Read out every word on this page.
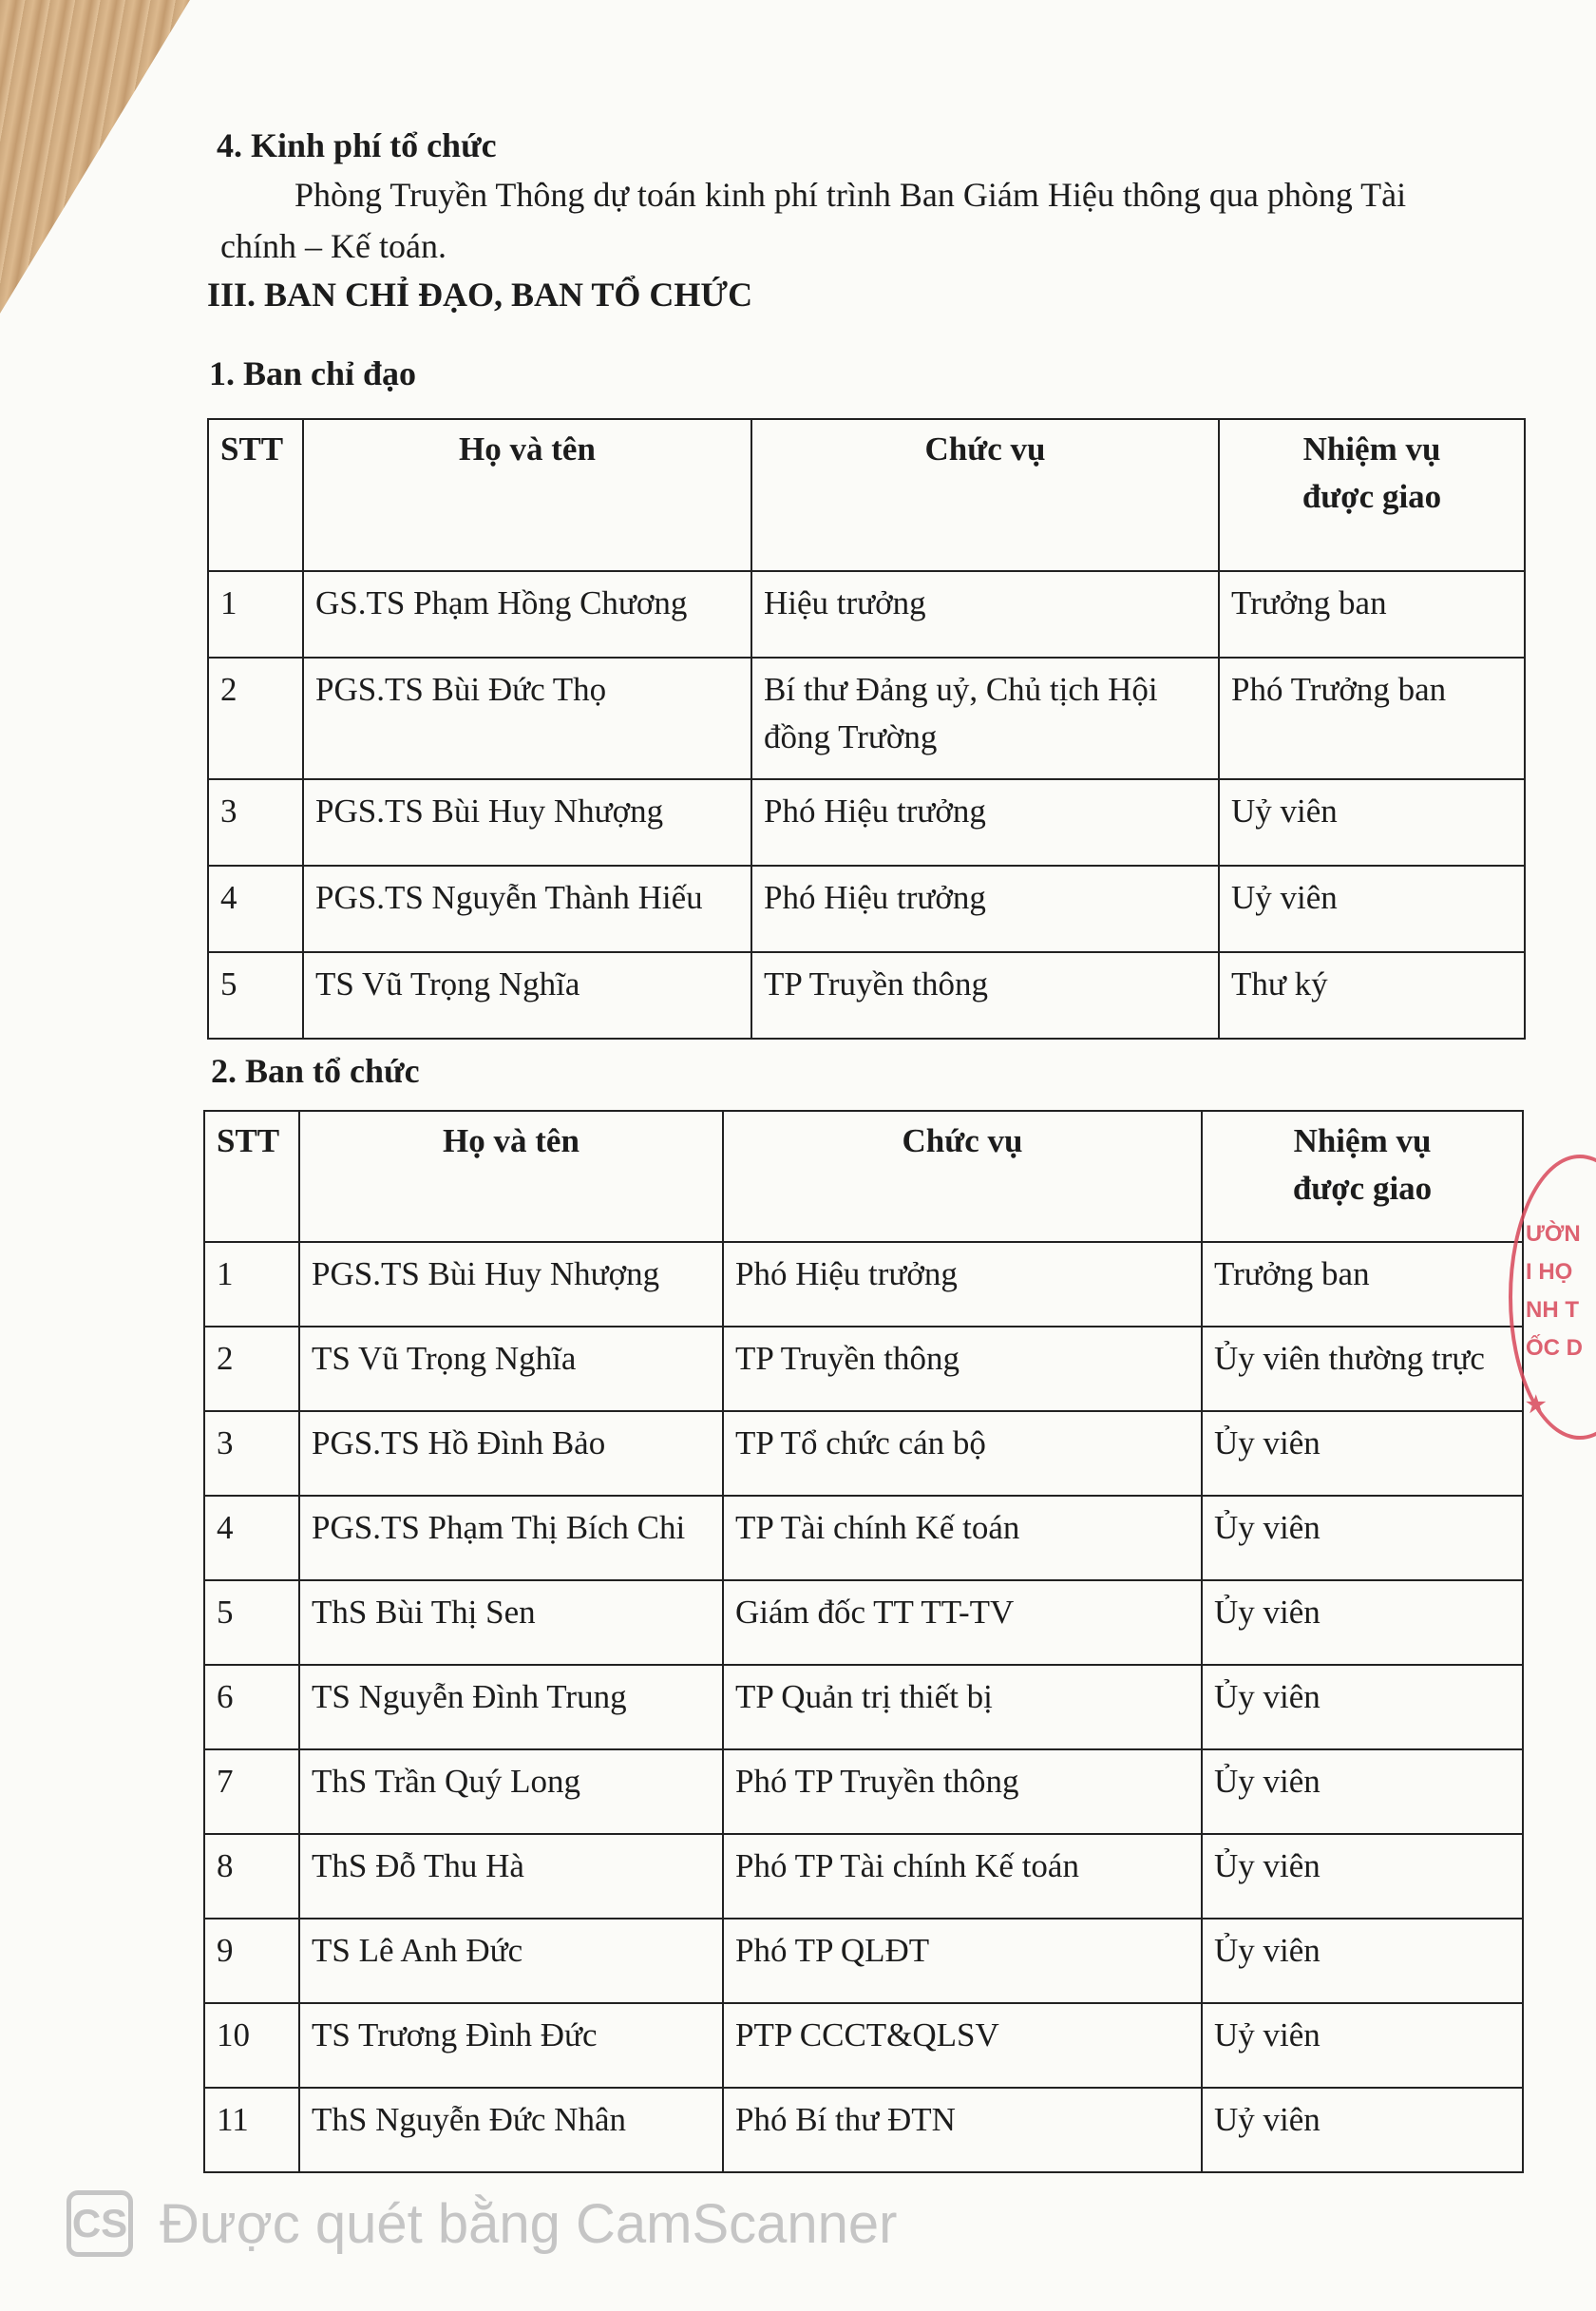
4. Kinh phí tổ chức
Phòng Truyền Thông dự toán kinh phí trình Ban Giám Hiệu thông qua phòng Tài
chính – Kế toán.
III. BAN CHỈ ĐẠO, BAN TỔ CHỨC
1. Ban chỉ đạo
STT	Họ và tên	Chức vụ	Nhiệm vụ
được giao
1	GS.TS Phạm Hồng Chương	Hiệu trưởng	Trưởng ban
2	PGS.TS Bùi Đức Thọ	Bí thư Đảng uỷ, Chủ tịch Hội
đồng Trường	Phó Trưởng ban
3	PGS.TS Bùi Huy Nhượng	Phó Hiệu trưởng	Uỷ viên
4	PGS.TS Nguyễn Thành Hiếu	Phó Hiệu trưởng	Uỷ viên
5	TS Vũ Trọng Nghĩa	TP Truyền thông	Thư ký
2. Ban tổ chức
STT	Họ và tên	Chức vụ	Nhiệm vụ
được giao
1	PGS.TS Bùi Huy Nhượng	Phó Hiệu trưởng	Trưởng ban
2	TS Vũ Trọng Nghĩa	TP Truyền thông	Ủy viên thường trực
3	PGS.TS Hồ Đình Bảo	TP Tổ chức cán bộ	Ủy viên
4	PGS.TS Phạm Thị Bích Chi	TP Tài chính Kế toán	Ủy viên
5	ThS Bùi Thị Sen	Giám đốc TT TT-TV	Ủy viên
6	TS Nguyễn Đình Trung	TP Quản trị thiết bị	Ủy viên
7	ThS Trần Quý Long	Phó TP Truyền thông	Ủy viên
8	ThS Đỗ Thu Hà	Phó TP Tài chính Kế toán	Ủy viên
9	TS Lê Anh Đức	Phó TP QLĐT	Ủy viên
10	TS Trương Đình Đức	PTP CCCT&QLSV	Uỷ viên
11	ThS Nguyễn Đức Nhân	Phó Bí thư ĐTN	Uỷ viên
ƯỜN
I HỌ
NH T
ỐC D
★
CS Được quét bằng CamScanner
